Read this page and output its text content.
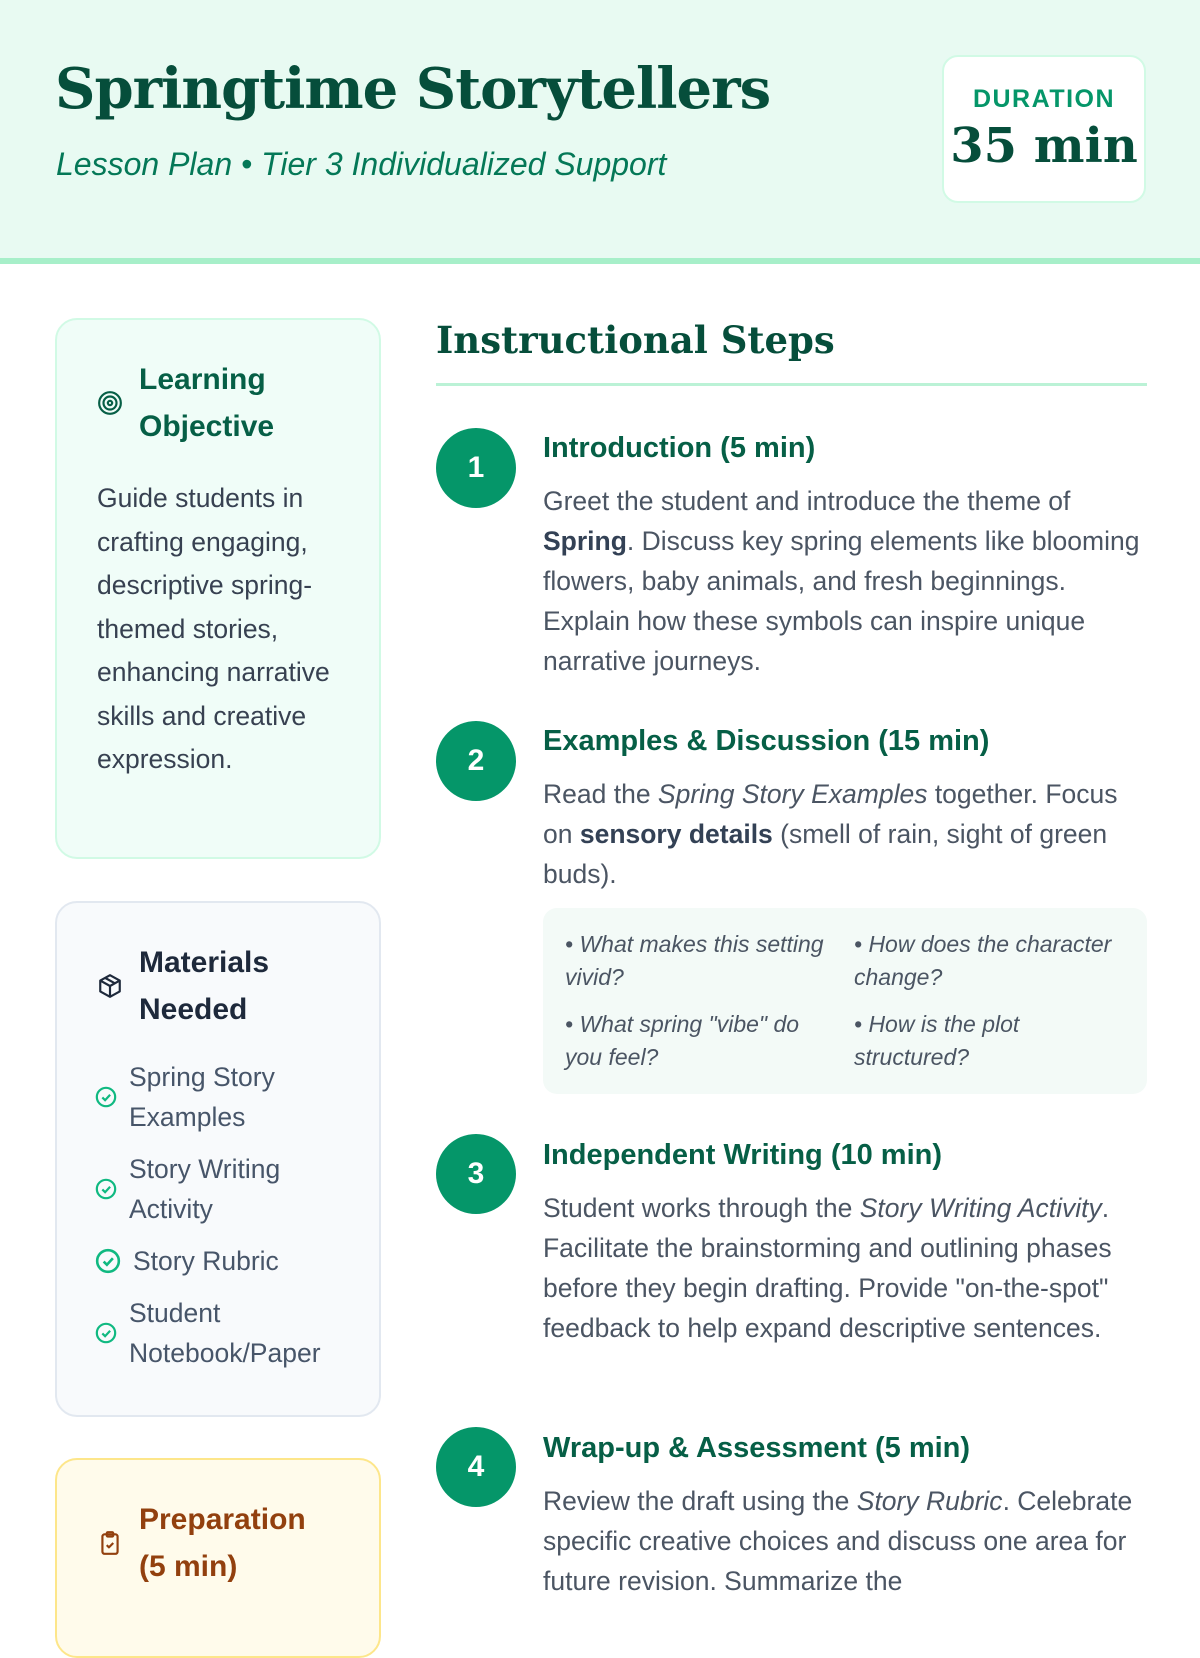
Springtime Storytellers
Lesson Plan • Tier 3 Individualized Support
DURATION
35 min
Learning Objective
Guide students in crafting engaging, descriptive spring-themed stories, enhancing narrative skills and creative expression.
Materials Needed
Spring Story Examples
Story Writing Activity
Story Rubric
Student Notebook/Paper
Preparation (5 min)
Instructional Steps
1
Introduction (5 min)
Greet the student and introduce the theme of Spring. Discuss key spring elements like blooming flowers, baby animals, and fresh beginnings. Explain how these symbols can inspire unique narrative journeys.
2
Examples & Discussion (15 min)
Read the Spring Story Examples together. Focus on sensory details (smell of rain, sight of green buds).
• What makes this setting vivid?
• How does the character change?
• What spring "vibe" do you feel?
• How is the plot structured?
3
Independent Writing (10 min)
Student works through the Story Writing Activity. Facilitate the brainstorming and outlining phases before they begin drafting. Provide "on-the-spot" feedback to help expand descriptive sentences.
4
Wrap-up & Assessment (5 min)
Review the draft using the Story Rubric. Celebrate specific creative choices and discuss one area for future revision. Summarize the
